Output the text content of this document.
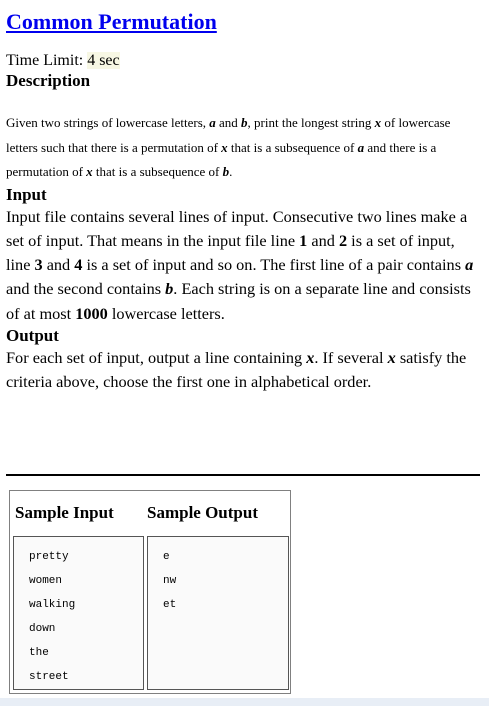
Common Permutation
Time Limit: 4 sec
Description
Given two strings of lowercase letters, a and b, print the longest string x of lowercase letters such that there is a permutation of x that is a subsequence of a and there is a permutation of x that is a subsequence of b.
Input
Input file contains several lines of input. Consecutive two lines make a set of input. That means in the input file line 1 and 2 is a set of input, line 3 and 4 is a set of input and so on. The first line of a pair contains a and the second contains b. Each string is on a separate line and consists of at most 1000 lowercase letters.
Output
For each set of input, output a line containing x. If several x satisfy the criteria above, choose the first one in alphabetical order.
Sample Input Sample Output
pretty
women
walking
down
the
street
e
nw
et
